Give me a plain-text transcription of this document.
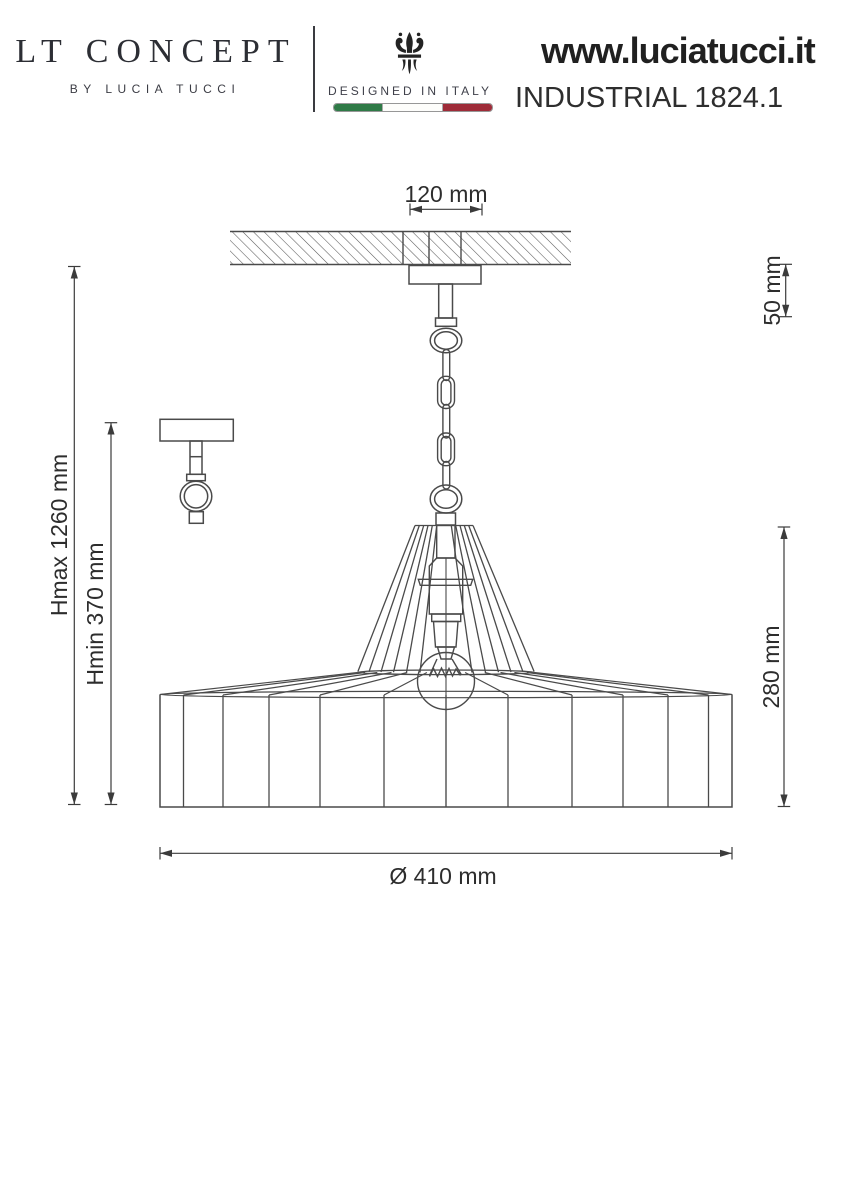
LT CONCEPT
BY LUCIA TUCCI	DESIGNED IN ITALY
www.luciatucci.it
INDUSTRIAL 1824.1
120 mm
50 mm
Hmax 1260 mm Hmin 370 mm	280 mm
Ø 410 mm
